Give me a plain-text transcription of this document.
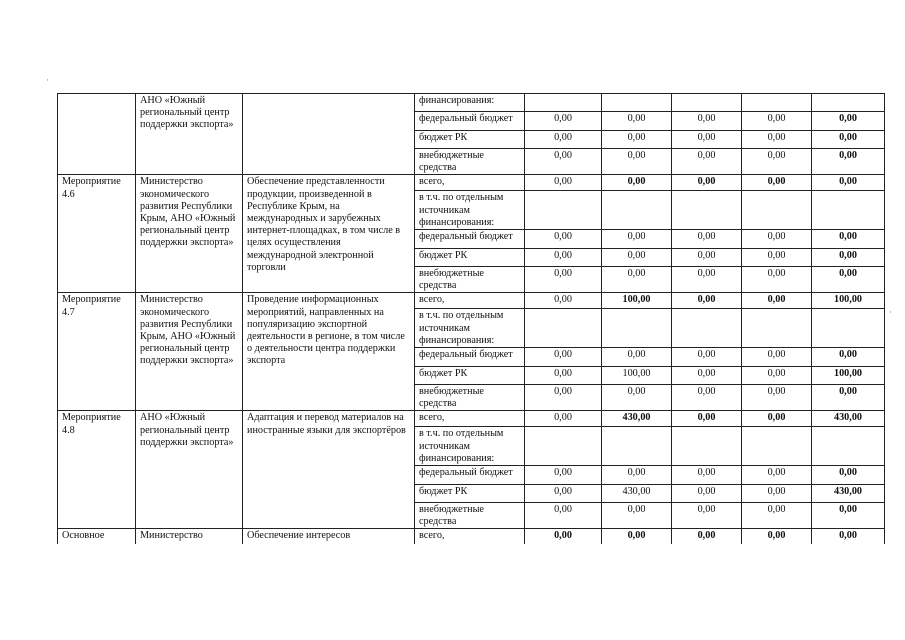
·
·
	АНО «Южный региональный центр поддержки экспорта»		финансирования:					
			федеральный бюджет	0,00	0,00	0,00	0,00	0,00
			бюджет РК	0,00	0,00	0,00	0,00	0,00
			внебюджетные средства	0,00	0,00	0,00	0,00	0,00
Мероприятие 4.6	Министерство экономического развития Республики Крым, АНО «Южный региональный центр поддержки экспорта»	Обеспечение представленности продукции, произведенной в Республике Крым, на международных и зарубежных интернет-площадках, в том числе в целях осуществления международной электронной торговли	всего,	0,00	0,00	0,00	0,00	0,00
			в т.ч. по отдельным источникам финансирования:					
			федеральный бюджет	0,00	0,00	0,00	0,00	0,00
			бюджет РК	0,00	0,00	0,00	0,00	0,00
			внебюджетные средства	0,00	0,00	0,00	0,00	0,00
Мероприятие 4.7	Министерство экономического развития Республики Крым, АНО «Южный региональный центр поддержки экспорта»	Проведение информационных мероприятий, направленных на популяризацию экспортной деятельности в регионе, в том числе о деятельности центра поддержки экспорта	всего,	0,00	100,00	0,00	0,00	100,00
			в т.ч. по отдельным источникам финансирования:					
			федеральный бюджет	0,00	0,00	0,00	0,00	0,00
			бюджет РК	0,00	100,00	0,00	0,00	100,00
			внебюджетные средства	0,00	0,00	0,00	0,00	0,00
Мероприятие 4.8	АНО «Южный региональный центр поддержки экспорта»	Адаптация и перевод материалов на иностранные языки для экспортёров	всего,	0,00	430,00	0,00	0,00	430,00
			в т.ч. по отдельным источникам финансирования:					
			федеральный бюджет	0,00	0,00	0,00	0,00	0,00
			бюджет РК	0,00	430,00	0,00	0,00	430,00
			внебюджетные средства	0,00	0,00	0,00	0,00	0,00
Основное	Министерство	Обеспечение интересов	всего,	0,00	0,00	0,00	0,00	0,00
